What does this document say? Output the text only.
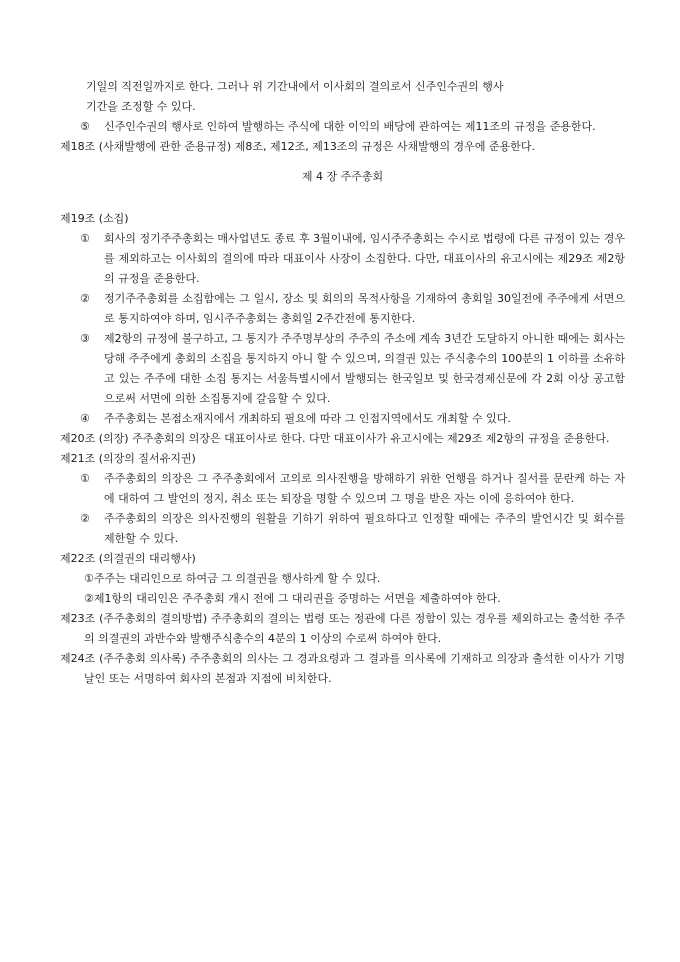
기일의 직전일까지로 한다. 그러나 위 기간내에서 이사회의 결의로서 신주인수권의 행사
기간을 조정할 수 있다.
⑤ 신주인수권의 행사로 인하여 발행하는 주식에 대한 이익의 배당에 관하여는 제11조의 규정을 준용한다.
제18조 (사채발행에 관한 준용규정) 제8조, 제12조, 제13조의 규정은 사채발행의 경우에 준용한다.
제 4 장 주주총회
제19조 (소집)
① 회사의 정기주주총회는 매사업년도 종료 후 3월이내에, 임시주주총회는 수시로 법령에 다른 규정이 있는 경우를 제외하고는 이사회의 결의에 따라 대표이사 사장이 소집한다. 다만, 대표이사의 유고시에는 제29조 제2항의 규정을 준용한다.
② 정기주주총회를 소집함에는 그 일시, 장소 및 회의의 목적사항을 기재하여 총회일 30일전에 주주에게 서면으로 통지하여야 하며, 임시주주총회는 총회일 2주간전에 통지한다.
③ 제2항의 규정에 불구하고, 그 통지가 주주명부상의 주주의 주소에 계속 3년간 도달하지 아니한 때에는 회사는 당해 주주에게 총회의 소집을 통지하지 아니 할 수 있으며, 의결권 있는 주식총수의 100분의 1 이하를 소유하고 있는 주주에 대한 소집 통지는 서울특별시에서 발행되는 한국일보 및 한국경제신문에 각 2회 이상 공고함으로써 서면에 의한 소집통지에 갈음할 수 있다.
④ 주주총회는 본점소재지에서 개최하되 필요에 따라 그 인접지역에서도 개최할 수 있다.
제20조 (의장) 주주총회의 의장은 대표이사로 한다. 다만 대표이사가 유고시에는 제29조 제2항의 규정을 준용한다.
제21조 (의장의 질서유지권)
① 주주총회의 의장은 그 주주총회에서 고의로 의사진행을 방해하기 위한 언행을 하거나 질서를 문란케 하는 자에 대하여 그 발언의 정지, 취소 또는 퇴장을 명할 수 있으며 그 명을 받은 자는 이에 응하여야 한다.
② 주주총회의 의장은 의사진행의 원활을 기하기 위하여 필요하다고 인정할 때에는 주주의 발언시간 및 회수를 제한할 수 있다.
제22조 (의결권의 대리행사)
①주주는 대리인으로 하여금 그 의결권을 행사하게 할 수 있다.
②제1항의 대리인은 주주총회 개시 전에 그 대리권을 증명하는 서면을 제출하여야 한다.
제23조 (주주총회의 결의방법) 주주총회의 결의는 법령 또는 정관에 다른 정함이 있는 경우를 제외하고는 출석한 주주의 의결권의 과반수와 발행주식총수의 4분의 1 이상의 수로써 하여야 한다.
제24조 (주주총회 의사록) 주주총회의 의사는 그 경과요령과 그 결과를 의사록에 기재하고 의장과 출석한 이사가 기명날인 또는 서명하여 회사의 본점과 지점에 비치한다.
